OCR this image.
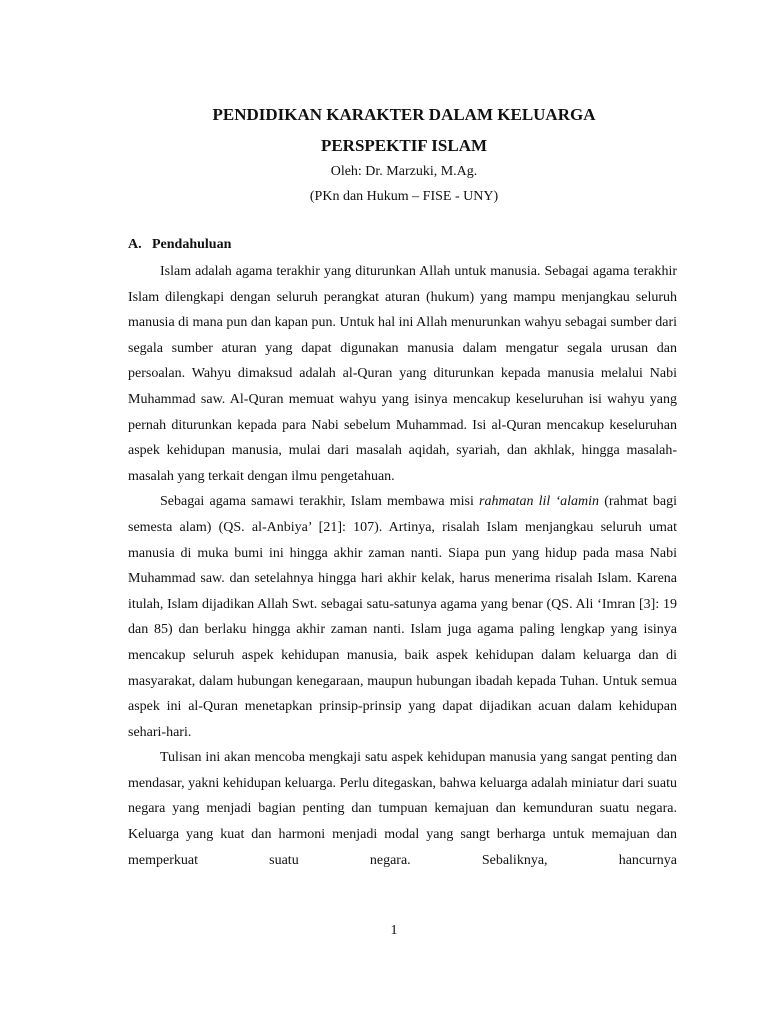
PENDIDIKAN KARAKTER DALAM KELUARGA
PERSPEKTIF ISLAM
Oleh: Dr. Marzuki, M.Ag.
(PKn dan Hukum – FISE - UNY)
A. Pendahuluan

Islam adalah agama terakhir yang diturunkan Allah untuk manusia. Sebagai agama terakhir Islam dilengkapi dengan seluruh perangkat aturan (hukum) yang mampu menjangkau seluruh manusia di mana pun dan kapan pun. Untuk hal ini Allah menurunkan wahyu sebagai sumber dari segala sumber aturan yang dapat digunakan manusia dalam mengatur segala urusan dan persoalan. Wahyu dimaksud adalah al-Quran yang diturunkan kepada manusia melalui Nabi Muhammad saw. Al-Quran memuat wahyu yang isinya mencakup keseluruhan isi wahyu yang pernah diturunkan kepada para Nabi sebelum Muhammad. Isi al-Quran mencakup keseluruhan aspek kehidupan manusia, mulai dari masalah aqidah, syariah, dan akhlak, hingga masalah-masalah yang terkait dengan ilmu pengetahuan.

Sebagai agama samawi terakhir, Islam membawa misi rahmatan lil ‘alamin (rahmat bagi semesta alam) (QS. al-Anbiya’ [21]: 107). Artinya, risalah Islam menjangkau seluruh umat manusia di muka bumi ini hingga akhir zaman nanti. Siapa pun yang hidup pada masa Nabi Muhammad saw. dan setelahnya hingga hari akhir kelak, harus menerima risalah Islam. Karena itulah, Islam dijadikan Allah Swt. sebagai satu-satunya agama yang benar (QS. Ali ‘Imran [3]: 19 dan 85) dan berlaku hingga akhir zaman nanti. Islam juga agama paling lengkap yang isinya mencakup seluruh aspek kehidupan manusia, baik aspek kehidupan dalam keluarga dan di masyarakat, dalam hubungan kenegaraan, maupun hubungan ibadah kepada Tuhan. Untuk semua aspek ini al-Quran menetapkan prinsip-prinsip yang dapat dijadikan acuan dalam kehidupan sehari-hari.

Tulisan ini akan mencoba mengkaji satu aspek kehidupan manusia yang sangat penting dan mendasar, yakni kehidupan keluarga. Perlu ditegaskan, bahwa keluarga adalah miniatur dari suatu negara yang menjadi bagian penting dan tumpuan kemajuan dan kemunduran suatu negara. Keluarga yang kuat dan harmoni menjadi modal yang sangt berharga untuk memajuan dan memperkuat suatu negara. Sebaliknya, hancurnya

1
